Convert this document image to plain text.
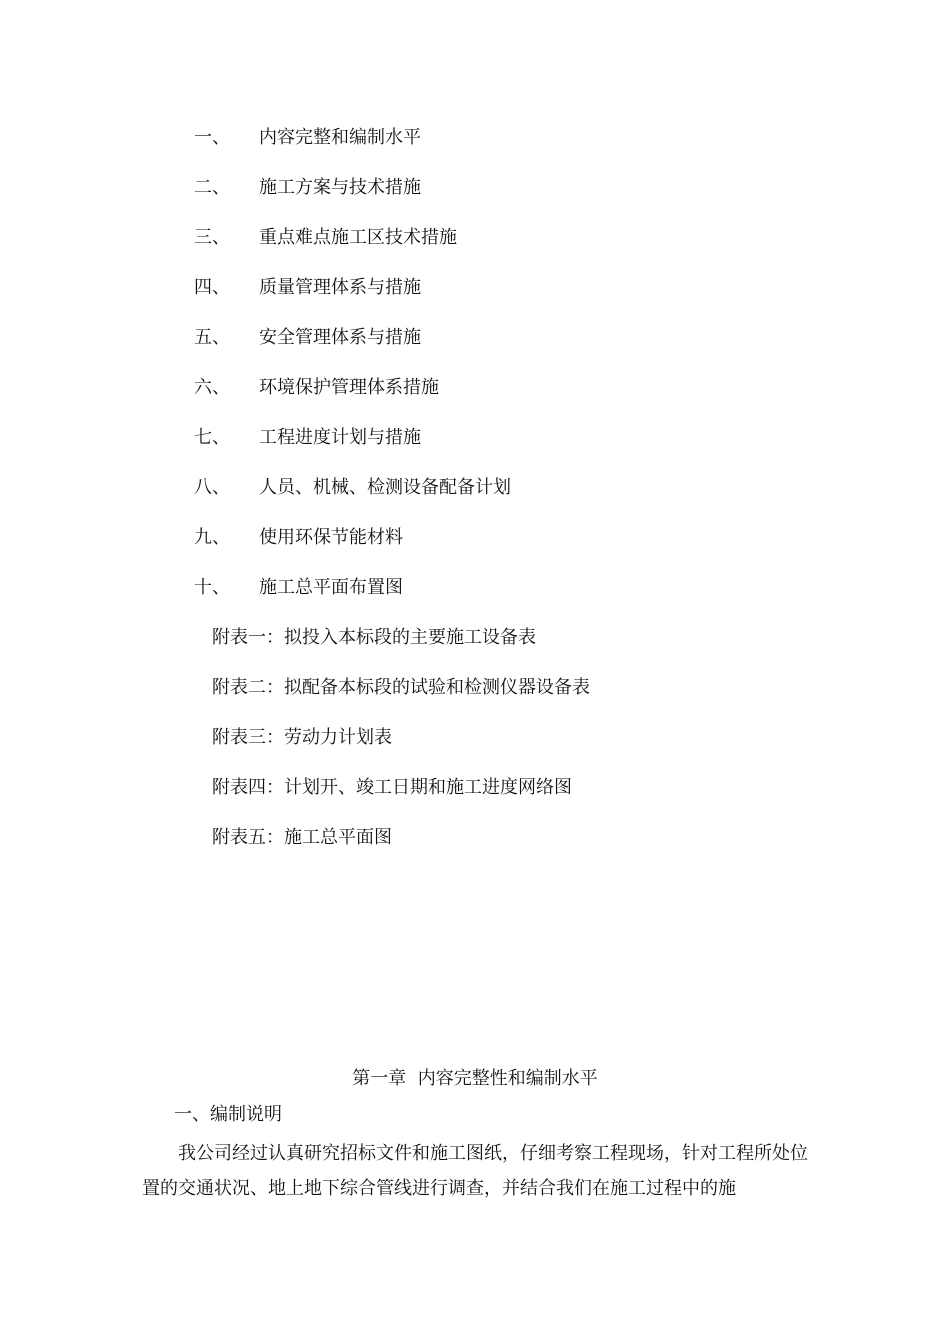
一、 内容完整和编制水平
二、 施工方案与技术措施
三、 重点难点施工区技术措施
四、 质量管理体系与措施
五、 安全管理体系与措施
六、 环境保护管理体系措施
七、 工程进度计划与措施
八、 人员、机械、检测设备配备计划
九、 使用环保节能材料
十、 施工总平面布置图
附表一：拟投入本标段的主要施工设备表
附表二：拟配备本标段的试验和检测仪器设备表
附表三：劳动力计划表
附表四：计划开、竣工日期和施工进度网络图
附表五：施工总平面图
第一章  内容完整性和编制水平
一、编制说明
我公司经过认真研究招标文件和施工图纸，仔细考察工程现场，针对工程所处位置的交通状况、地上地下综合管线进行调查，并结合我们在施工过程中的施
